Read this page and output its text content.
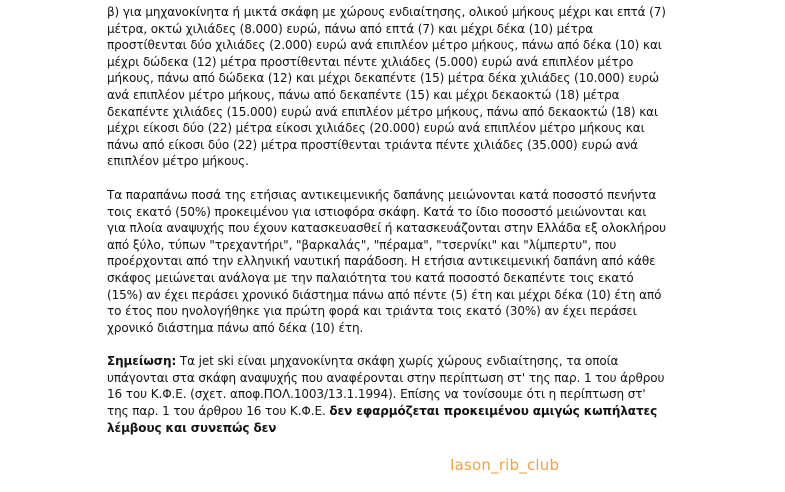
β) για μηχανοκίνητα ή μικτά σκάφη με χώρους ενδιαίτησης, ολικού μήκους μέχρι και επτά (7) μέτρα, οκτώ χιλιάδες (8.000) ευρώ, πάνω από επτά (7) και μέχρι δέκα (10) μέτρα προστίθενται δύο χιλιάδες (2.000) ευρώ ανά επιπλέον μέτρο μήκους, πάνω από δέκα (10) και μέχρι δώδεκα (12) μέτρα προστίθενται πέντε χιλιάδες (5.000) ευρώ ανά επιπλέον μέτρο μήκους, πάνω από δώδεκα (12) και μέχρι δεκαπέντε (15) μέτρα δέκα χιλιάδες (10.000) ευρώ ανά επιπλέον μέτρο μήκους, πάνω από δεκαπέντε (15) και μέχρι δεκαοκτώ (18) μέτρα δεκαπέντε χιλιάδες (15.000) ευρώ ανά επιπλέον μέτρο μήκους, πάνω από δεκαοκτώ (18) και μέχρι είκοσι δύο (22) μέτρα είκοσι χιλιάδες (20.000) ευρώ ανά επιπλέον μέτρο μήκους και πάνω από είκοσι δύο (22) μέτρα προστίθενται τριάντα πέντε χιλιάδες (35.000) ευρώ ανά επιπλέον μέτρο μήκους.

Τα παραπάνω ποσά της ετήσιας αντικειμενικής δαπάνης μειώνονται κατά ποσοστό πενήντα τοις εκατό (50%) προκειμένου για ιστιοφόρα σκάφη. Κατά το ίδιο ποσοστό μειώνονται και για πλοία αναψυχής που έχουν κατασκευασθεί ή κατασκευάζονται στην Ελλάδα εξ ολοκλήρου από ξύλο, τύπων "τρεχαντήρι", "βαρκαλάς", "πέραμα", "τσερνίκι" και "λίμπερτυ", που προέρχονται από την ελληνική ναυτική παράδοση. Η ετήσια αντικειμενική δαπάνη από κάθε σκάφος μειώνεται ανάλογα με την παλαιότητα του κατά ποσοστό δεκαπέντε τοις εκατό (15%) αν έχει περάσει χρονικό διάστημα πάνω από πέντε (5) έτη και μέχρι δέκα (10) έτη από το έτος που ηνολογήθηκε για πρώτη φορά και τριάντα τοις εκατό (30%) αν έχει περάσει χρονικό διάστημα πάνω από δέκα (10) έτη.

Σημείωση: Τα jet ski είναι μηχανοκίνητα σκάφη χωρίς χώρους ενδιαίτησης, τα οποία υπάγονται στα σκάφη αναψυχής που αναφέρονται στην περίπτωση στ' της παρ. 1 του άρθρου 16 του Κ.Φ.Ε. (σχετ. αποφ.ΠΟΛ.1003/13.1.1994). Επίσης να τονίσουμε ότι η περίπτωση στ' της παρ. 1 του άρθρου 16 του Κ.Φ.Ε. δεν εφαρμόζεται προκειμένου αμιγώς κωπήλατες λέμβους και συνεπώς δεν

Iason_rib_club
